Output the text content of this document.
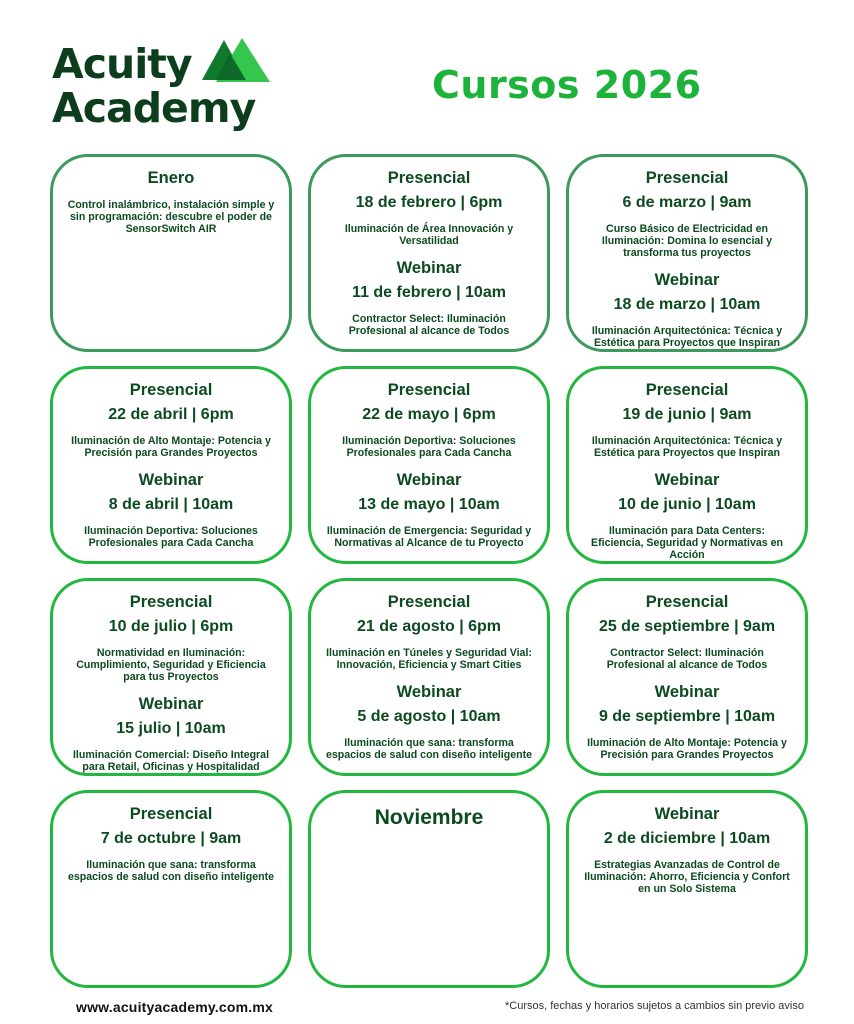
Acuity
Academy	Cursos 2026
Enero
Control inalámbrico, instalación simple y sin programación: descubre el poder de SensorSwitch AIR
Presencial
18 de febrero | 6pm
Iluminación de Área Innovación y Versatilidad
Webinar
11 de febrero | 10am
Contractor Select: Iluminación Profesional al alcance de Todos
Presencial
6 de marzo | 9am
Curso Básico de Electricidad en Iluminación: Domina lo esencial y transforma tus proyectos
Webinar
18 de marzo | 10am
Iluminación Arquitectónica: Técnica y Estética para Proyectos que Inspiran
Presencial
22 de abril | 6pm
Iluminación de Alto Montaje: Potencia y Precisión para Grandes Proyectos
Webinar
8 de abril | 10am
Iluminación Deportiva: Soluciones Profesionales para Cada Cancha
Presencial
22 de mayo | 6pm
Iluminación Deportiva: Soluciones Profesionales para Cada Cancha
Webinar
13 de mayo | 10am
Iluminación de Emergencia: Seguridad y Normativas al Alcance de tu Proyecto
Presencial
19 de junio | 9am
Iluminación Arquitectónica: Técnica y Estética para Proyectos que Inspiran
Webinar
10 de junio | 10am
Iluminación para Data Centers: Eficiencia, Seguridad y Normativas en Acción
Presencial
10 de julio | 6pm
Normatividad en Iluminación: Cumplimiento, Seguridad y Eficiencia para tus Proyectos
Webinar
15 julio | 10am
Iluminación Comercial: Diseño Integral para Retail, Oficinas y Hospitalidad
Presencial
21 de agosto | 6pm
Iluminación en Túneles y Seguridad Vial: Innovación, Eficiencia y Smart Cities
Webinar
5 de agosto | 10am
Iluminación que sana: transforma espacios de salud con diseño inteligente
Presencial
25 de septiembre | 9am
Contractor Select: Iluminación Profesional al alcance de Todos
Webinar
9 de septiembre | 10am
Iluminación de Alto Montaje: Potencia y Precisión para Grandes Proyectos
Presencial
7 de octubre | 9am
Iluminación que sana: transforma espacios de salud con diseño inteligente
Noviembre	Webinar
2 de diciembre | 10am
Estrategias Avanzadas de Control de Iluminación: Ahorro, Eficiencia y Confort en un Solo Sistema
www.acuityacademy.com.mx	*Cursos, fechas y horarios sujetos a cambios sin previo aviso
